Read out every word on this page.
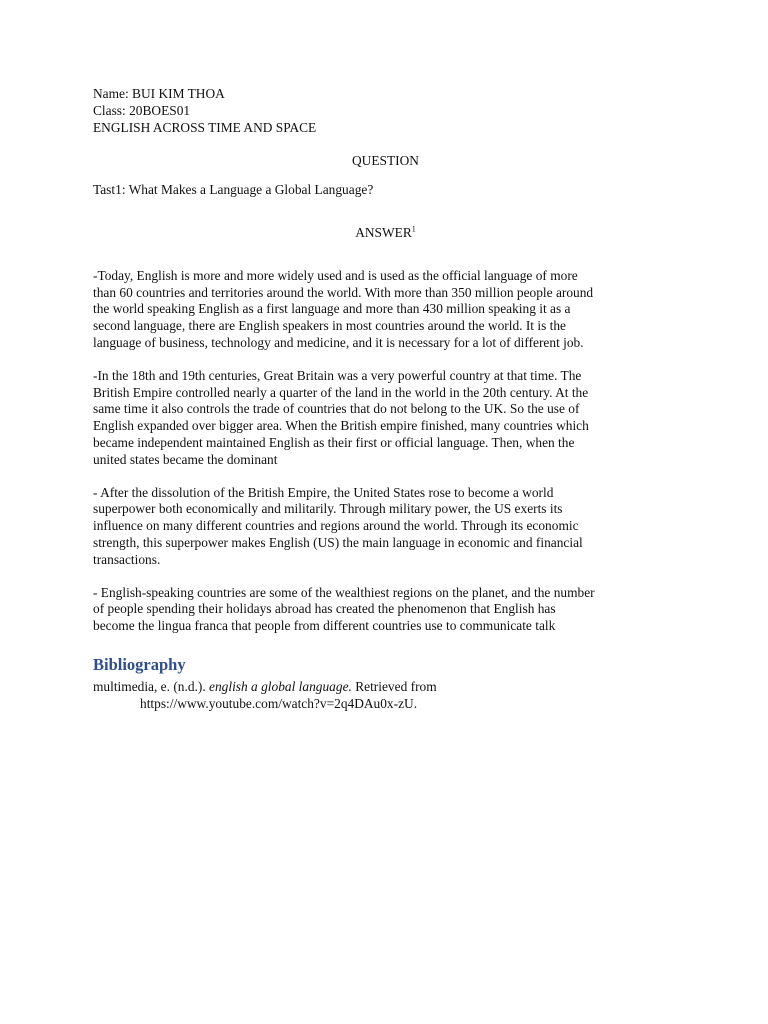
Name: BUI KIM THOA
Class: 20BOES01
ENGLISH ACROSS TIME AND SPACE
QUESTION
Tast1: What Makes a Language a Global Language?
ANSWER$^1$
-Today, English is more and more widely used and is used as the official language of more
than 60 countries and territories around the world. With more than 350 million people around
the world speaking English as a first language and more than 430 million speaking it as a
second language, there are English speakers in most countries around the world. It is the
language of business, technology and medicine, and it is necessary for a lot of different job.
-In the 18th and 19th centuries, Great Britain was a very powerful country at that time. The
British Empire controlled nearly a quarter of the land in the world in the 20th century. At the
same time it also controls the trade of countries that do not belong to the UK. So the use of
English expanded over bigger area. When the British empire finished, many countries which
became independent maintained English as their first or official language. Then, when the
united states became the dominant
- After the dissolution of the British Empire, the United States rose to become a world
superpower both economically and militarily. Through military power, the US exerts its
influence on many different countries and regions around the world. Through its economic
strength, this superpower makes English (US) the main language in economic and financial
transactions.
- English-speaking countries are some of the wealthiest regions on the planet, and the number
of people spending their holidays abroad has created the phenomenon that English has
become the lingua franca that people from different countries use to communicate talk
Bibliography
multimedia, e. (n.d.). english a global language. Retrieved from
https://www.youtube.com/watch?v=2q4DAu0x-zU.
